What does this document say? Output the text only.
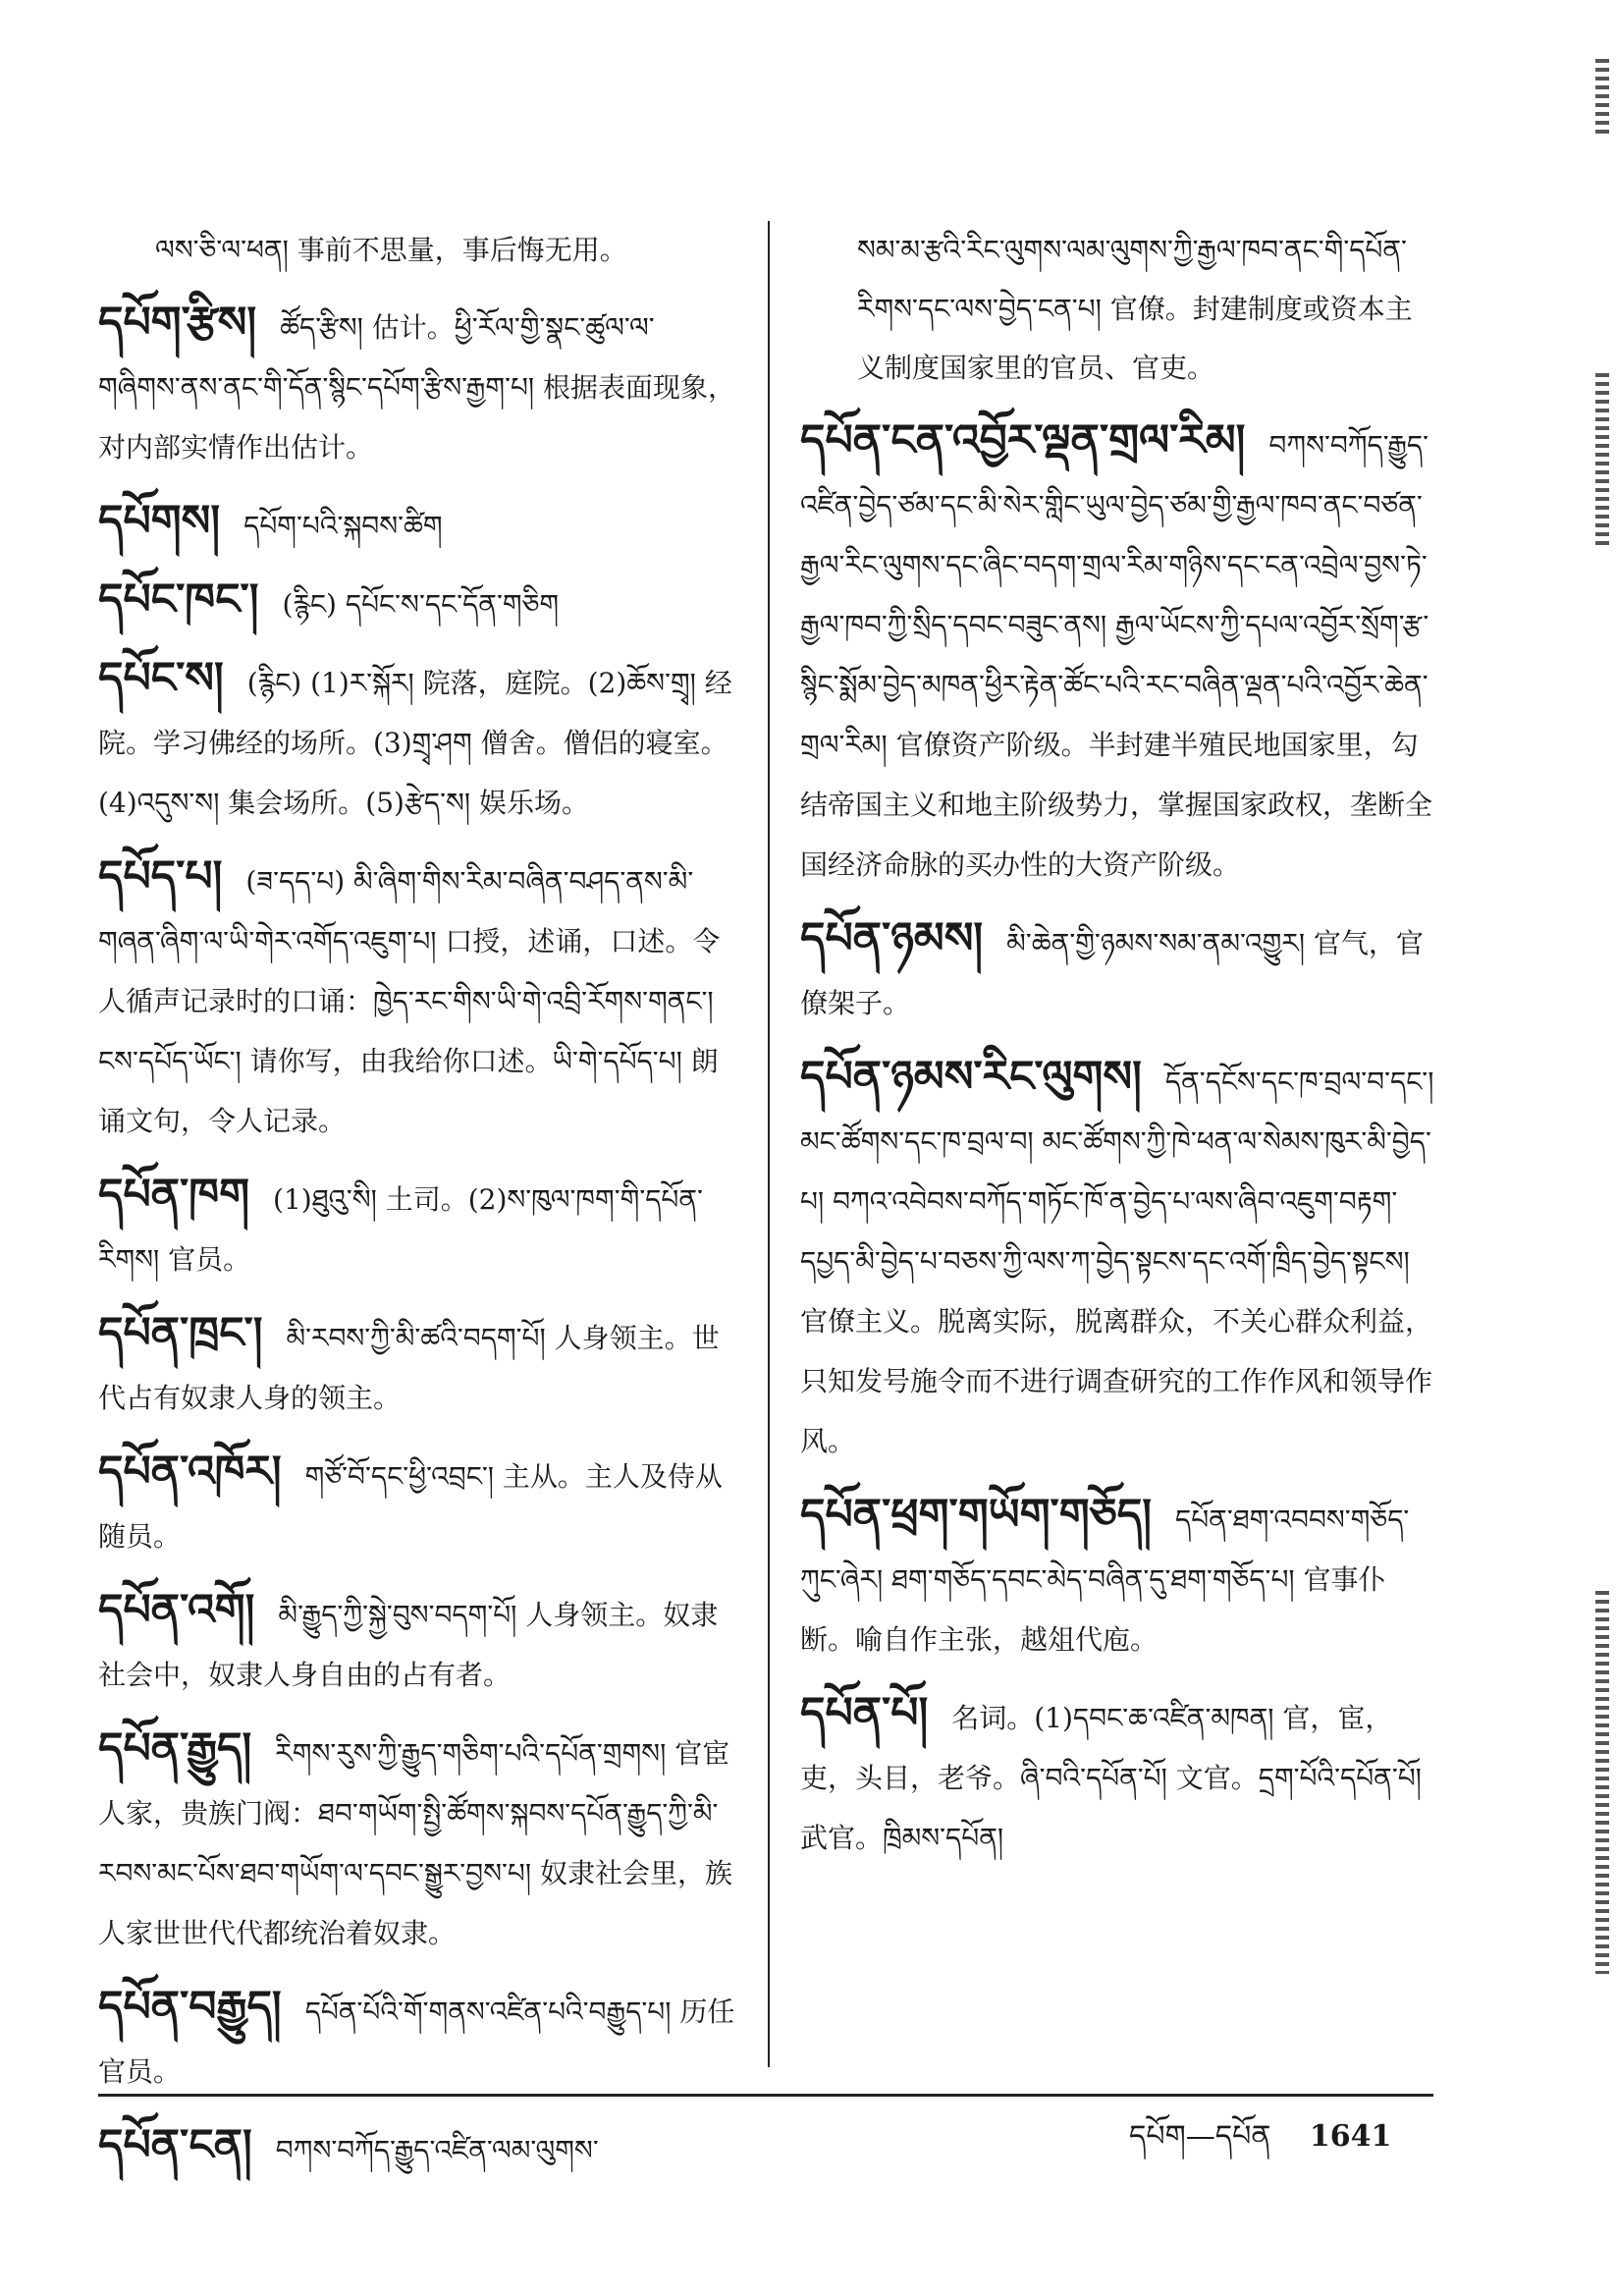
ལས་ཅི་ལ་ཕན། 事前不思量，事后悔无用。
དཔོག་རྩིས། ཚོད་རྩིས། 估计。ཕྱི་རོལ་གྱི་སྣང་ཚུལ་ལ་གཞིགས་ནས་ནང་གི་དོན་སྙིང་དཔོག་རྩིས་རྒྱག་པ། 根据表面现象，对内部实情作出估计。
དཔོགས། དཔོག་པའི་སྐབས་ཚིག
དཔོང་ཁང་། (རྙིང) དཔོང་ས་དང་དོན་གཅིག
དཔོང་ས། (རྙིང) (1)ར་སྐོར། 院落，庭院。(2)ཆོས་གྲྭ། 经院。学习佛经的场所。(3)གྲྭ་ཤག 僧舍。僧侣的寝室。(4)འདུས་ས། 集会场所。(5)རྩེད་ས། 娱乐场。
དཔོད་པ། (ཟ་དད་པ) མི་ཞིག་གིས་རིམ་བཞིན་བཤད་ནས་མི་གཞན་ཞིག་ལ་ཡི་གེར་འགོད་འཇུག་པ། 口授，述诵，口述。令人循声记录时的口诵：ཁྱེད་རང་གིས་ཡི་གེ་འབྲི་རོགས་གནང་། ངས་དཔོད་ཡོང་། 请你写，由我给你口述。ཡི་གེ་དཔོད་པ། 朗诵文句，令人记录。
དཔོན་ཁག (1)ཐུའུ་སི། 土司。(2)ས་ཁུལ་ཁག་གི་དཔོན་རིགས། 官员。
དཔོན་ཁྲང་། མི་རབས་ཀྱི་མི་ཚའི་བདག་པོ། 人身领主。世代占有奴隶人身的领主。
དཔོན་འཁོར། གཙོ་བོ་དང་ཕྱི་འབྲང་། 主从。主人及侍从随员。
དཔོན་འགོ། མི་རྒྱུད་ཀྱི་སྐྱེ་བུས་བདག་པོ། 人身领主。奴隶社会中，奴隶人身自由的占有者。
དཔོན་རྒྱུད། རིགས་རུས་ཀྱི་རྒྱུད་གཅིག་པའི་དཔོན་གྲགས། 官宦人家，贵族门阀：ཐབ་གཡོག་སྤྱི་ཚོགས་སྐབས་དཔོན་རྒྱུད་ཀྱི་མི་རབས་མང་པོས་ཐབ་གཡོག་ལ་དབང་སྒྱུར་བྱས་པ། 奴隶社会里，族人家世世代代都统治着奴隶。
དཔོན་བརྒྱུད། དཔོན་པོའི་གོ་གནས་འཛིན་པའི་བརྒྱུད་པ། 历任官员。
དཔོན་ངན། བཀས་བཀོད་རྒྱུད་འཛིན་ལམ་ལུགས་
སམ་མ་རྩའི་རིང་ལུགས་ལམ་ལུགས་ཀྱི་རྒྱལ་ཁབ་ནང་གི་དཔོན་རིགས་དང་ལས་བྱེད་ངན་པ། 官僚。封建制度或资本主义制度国家里的官员、官吏。
དཔོན་ངན་འབྱོར་ལྡན་གྲལ་རིམ། བཀས་བཀོད་རྒྱུད་འཛིན་བྱེད་ཙམ་དང་མི་སེར་གླིང་ཡུལ་བྱེད་ཙམ་གྱི་རྒྱལ་ཁབ་ནང་བཙན་རྒྱལ་རིང་ལུགས་དང་ཞིང་བདག་གྲལ་རིམ་གཉིས་དང་ངན་འབྲེལ་བྱས་ཏེ་རྒྱལ་ཁབ་ཀྱི་སྲིད་དབང་བཟུང་ནས། རྒྱལ་ཡོངས་ཀྱི་དཔལ་འབྱོར་སྲོག་རྩ་སྙིང་སྨོམ་བྱེད་མཁན་ཕྱིར་རྟེན་ཚོང་པའི་རང་བཞིན་ལྡན་པའི་འབྱོར་ཆེན་གྲལ་རིམ། 官僚资产阶级。半封建半殖民地国家里，勾结帝国主义和地主阶级势力，掌握国家政权，垄断全国经济命脉的买办性的大资产阶级。
དཔོན་ཉམས། མི་ཆེན་གྱི་ཉམས་སམ་ནམ་འགྱུར། 官气，官僚架子。
དཔོན་ཉམས་རིང་ལུགས། དོན་དངོས་དང་ཁ་བྲལ་བ་དང་། མང་ཚོགས་དང་ཁ་བྲལ་བ། མང་ཚོགས་ཀྱི་ཁེ་ཕན་ལ་སེམས་ཁུར་མི་བྱེད་པ། བཀའ་འབེབས་བཀོད་གཏོང་ཁོ་ན་བྱེད་པ་ལས་ཞིབ་འཇུག་བརྟག་དཔྱད་མི་བྱེད་པ་བཅས་ཀྱི་ལས་ཀ་བྱེད་སྟངས་དང་འགོ་ཁྲིད་བྱེད་སྟངས། 官僚主义。脱离实际，脱离群众，不关心群众利益，只知发号施令而不进行调查研究的工作作风和领导作风。
དཔོན་ཕྲག་གཡོག་གཅོད། དཔོན་ཐག་འབབས་གཅོད་ཀུང་ཞེར། ཐག་གཅོད་དབང་མེད་བཞིན་དུ་ཐག་གཅོད་པ། 官事仆断。喻自作主张，越俎代庖。
དཔོན་པོ། 名词。(1)དབང་ཆ་འཛིན་མཁན། 官，宦，吏，头目，老爷。ཞི་བའི་དཔོན་པོ། 文官。དྲག་པོའི་དཔོན་པོ། 武官。ཁྲིམས་དཔོན།
དཔོག—དཔོན 1641
